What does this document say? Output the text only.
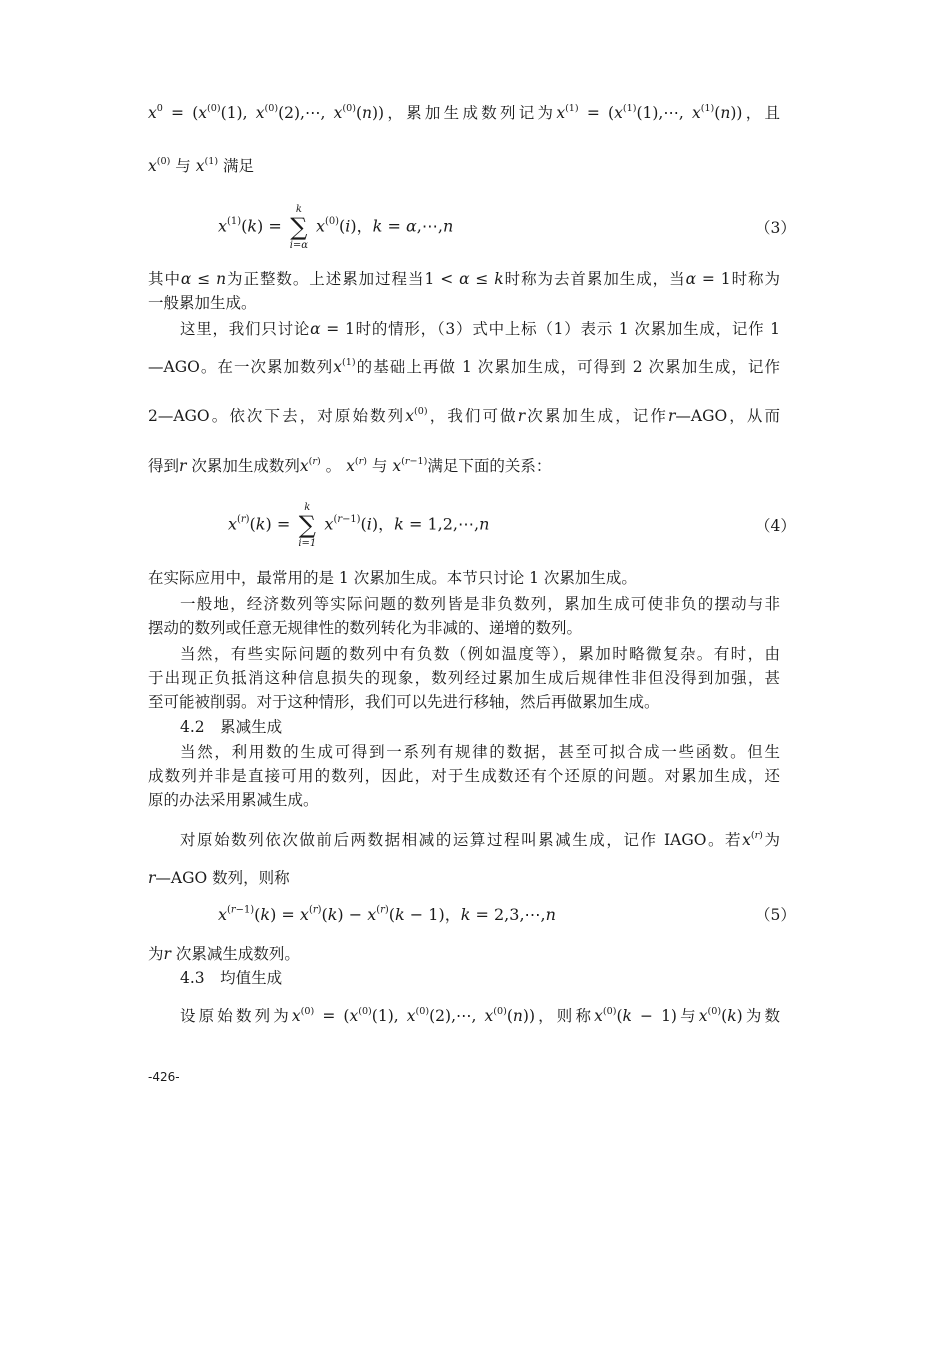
$x^0 = (x^{(0)}(1)$, $x^{(0)}(2),\cdots$, $x^{(0)}(n)$)，累加生成数列记为$x^{(1)}$ = ($x^{(1)}(1),\cdots$, $x^{(1)}(n)$)，且
$x^{(0)}$ 与 $x^{(1)}$ 满足
$x^{(1)}(k)$ =
k
∑
i=α
$x^{(0)}(i)$，k = α,⋯,n	（3）
其中α ≤ n为正整数。上述累加过程当1 < α ≤ k时称为去首累加生成，当α = 1时称为
一般累加生成。
这里，我们只讨论α = 1时的情形，（3）式中上标（1）表示 1 次累加生成，记作 1
—AGO。在一次累加数列$x^{(1)}$的基础上再做 1 次累加生成，可得到 2 次累加生成，记作
2—AGO。依次下去，对原始数列$x^{(0)}$，我们可做r次累加生成，记作r—AGO，从而
得到r 次累加生成数列$x^{(r)}$ 。 $x^{(r)}$ 与 $x^{(r-1)}$满足下面的关系：
$x^{(r)}(k)$ =
k
∑
i=1
$x^{(r-1)}(i)$，k = 1,2,⋯,n	（4）
在实际应用中，最常用的是 1 次累加生成。本节只讨论 1 次累加生成。
一般地，经济数列等实际问题的数列皆是非负数列，累加生成可使非负的摆动与非
摆动的数列或任意无规律性的数列转化为非减的、递增的数列。
当然，有些实际问题的数列中有负数（例如温度等），累加时略微复杂。有时，由
于出现正负抵消这种信息损失的现象，数列经过累加生成后规律性非但没得到加强，甚
至可能被削弱。对于这种情形，我们可以先进行移轴，然后再做累加生成。
4.2　累减生成
当然，利用数的生成可得到一系列有规律的数据，甚至可拟合成一些函数。但生
成数列并非是直接可用的数列，因此，对于生成数还有个还原的问题。对累加生成，还
原的办法采用累减生成。
对原始数列依次做前后两数据相减的运算过程叫累减生成，记作 IAGO。若$x^{(r)}$为
r—AGO 数列，则称
$x^{(r-1)}(k) = x^{(r)}(k) - x^{(r)}(k - 1)$，k = 2,3,⋯,n	（5）
为r 次累减生成数列。
4.3　均值生成
设原始数列为$x^{(0)} = (x^{(0)}(1)$, $x^{(0)}(2),\cdots$, $x^{(0)}(n)$)，则称$x^{(0)}(k - 1)$与$x^{(0)}(k)$为数
-426-
